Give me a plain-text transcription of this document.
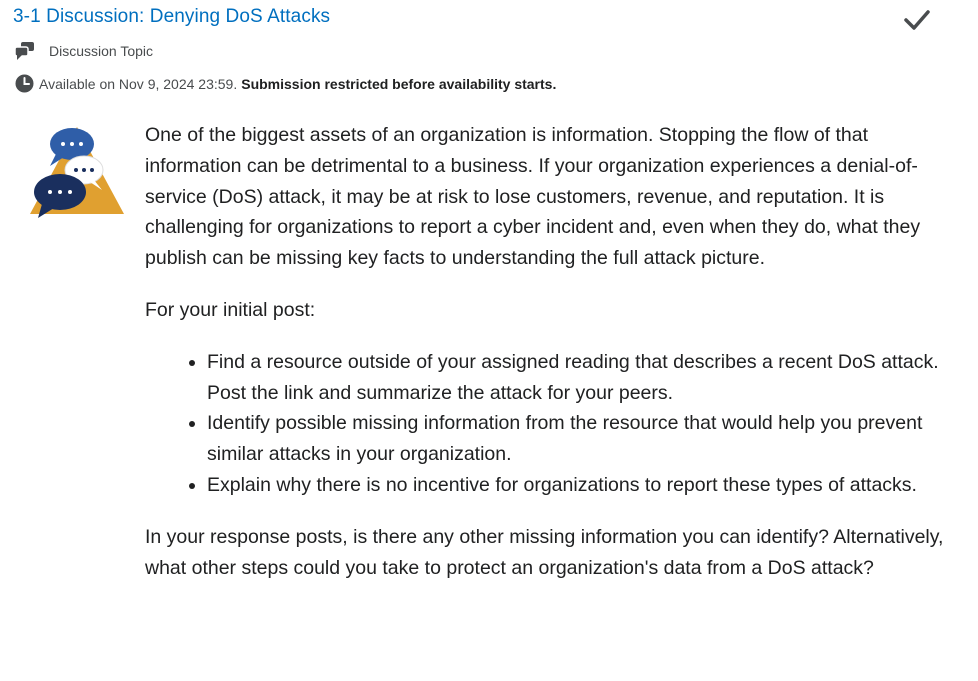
3-1 Discussion: Denying DoS Attacks
Discussion Topic
Available on Nov 9, 2024 23:59. Submission restricted before availability starts.

One of the biggest assets of an organization is information. Stopping the flow of that information can be detrimental to a business. If your organization experiences a denial-of-service (DoS) attack, it may be at risk to lose customers, revenue, and reputation. It is challenging for organizations to report a cyber incident and, even when they do, what they publish can be missing key facts to understanding the full attack picture.

For your initial post:

• Find a resource outside of your assigned reading that describes a recent DoS attack. Post the link and summarize the attack for your peers.
• Identify possible missing information from the resource that would help you prevent similar attacks in your organization.
• Explain why there is no incentive for organizations to report these types of attacks.

In your response posts, is there any other missing information you can identify? Alternatively, what other steps could you take to protect an organization's data from a DoS attack?
